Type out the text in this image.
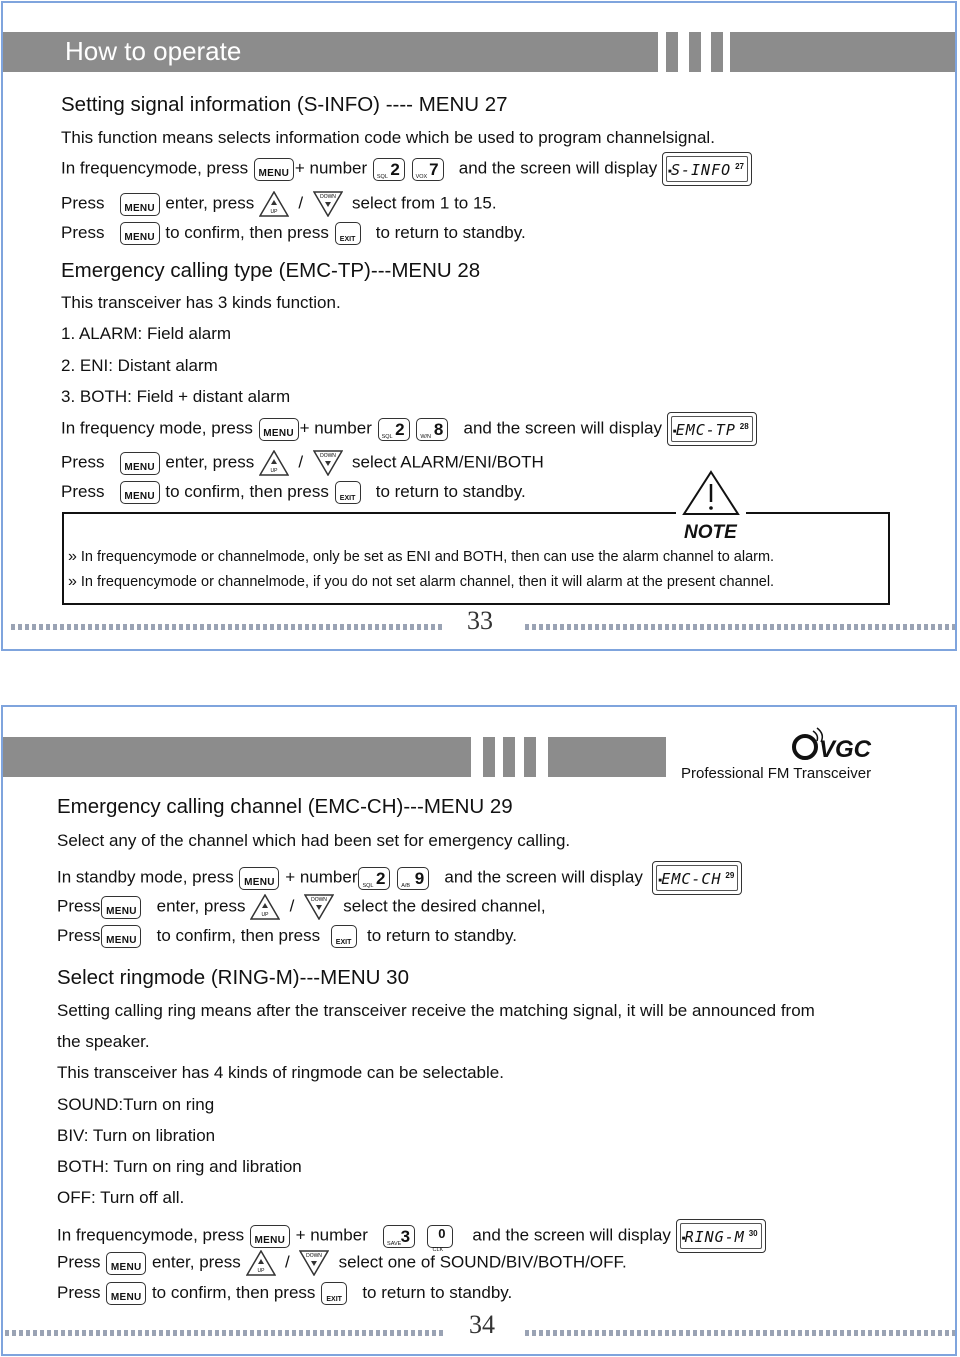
How to operate
Setting signal information (S-INFO) ---- MENU 27
This function means selects information code which be used to program channelsignal.
In frequencymode, press	MENU + number SQL 2
	VOX 7 and the screen will display ■ S-INFO 27
Press	MENU enter, press	UP /	DOWN select from 1 to 15.
Press	MENU to confirm, then press	EXIT to return to standby.
Emergency calling type (EMC-TP)---MENU 28
This transceiver has 3 kinds function.
1. ALARM: Field alarm
2. ENI: Distant alarm
3. BOTH: Field + distant alarm
In frequency mode, press	MENU + number SQL 2
	W/N 8 and the screen will display ■ EMC-TP 28
Press	MENU enter, press	UP /	DOWN select ALARM/ENI/BOTH
Press	MENU to confirm, then press	EXIT to return to standby.
» In frequencymode or channelmode, only be set as ENI and BOTH, then can use the alarm channel to alarm.
» In frequencymode or channelmode, if you do not set alarm channel, then it will alarm at the present channel.
NOTE
33
VGC
Professional FM Transceiver
Emergency calling channel (EMC-CH)---MENU 29
Select any of the channel which had been set for emergency calling.
In standby mode, press	MENU + number SQL 2
	A/B 9 and the screen will display	■ EMC-CH 29
Press MENU enter, press	UP /	DOWN select the desired channel,
Press MENU to confirm, then press	EXIT to return to standby.
Select ringmode (RING-M)---MENU 30
Setting calling ring means after the transceiver receive the matching signal, it will be announced from
the speaker.
This transceiver has 4 kinds of ringmode can be selectable.
SOUND:Turn on ring
BIV: Turn on libration
BOTH: Turn on ring and libration
OFF: Turn off all.
In frequencymode, press	MENU + number	SAVE 3

CLK
0 and the screen will display ■ RING-M 30
Press	MENU enter, press	UP /	DOWN select one of SOUND/BIV/BOTH/OFF.
Press	MENU to confirm, then press	EXIT to return to standby.
34
